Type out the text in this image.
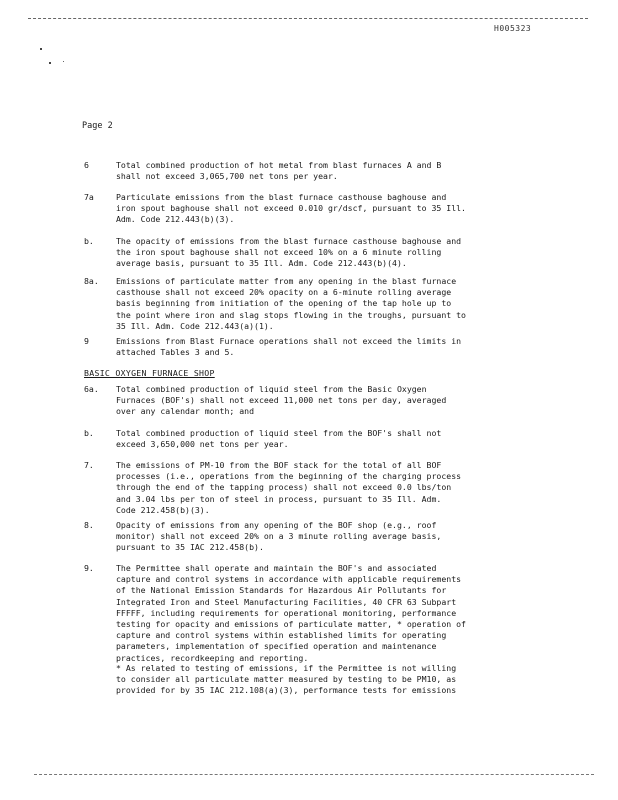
H005323
Page 2
6	Total combined production of hot metal from blast furnaces A and B
shall not exceed 3,065,700 net tons per year.
7a	Particulate emissions from the blast furnace casthouse baghouse and
iron spout baghouse shall not exceed 0.010 gr/dscf, pursuant to 35 Ill.
Adm. Code 212.443(b)(3).
b.	The opacity of emissions from the blast furnace casthouse baghouse and
the iron spout baghouse shall not exceed 10% on a 6 minute rolling
average basis, pursuant to 35 Ill. Adm. Code 212.443(b)(4).
8a.	Emissions of particulate matter from any opening in the blast furnace
casthouse shall not exceed 20% opacity on a 6-minute rolling average
basis beginning from initiation of the opening of the tap hole up to
the point where iron and slag stops flowing in the troughs, pursuant to
35 Ill. Adm. Code 212.443(a)(1).
9	Emissions from Blast Furnace operations shall not exceed the limits in
attached Tables 3 and 5.
BASIC OXYGEN FURNACE SHOP
6a.	Total combined production of liquid steel from the Basic Oxygen
Furnaces (BOF's) shall not exceed 11,000 net tons per day, averaged
over any calendar month; and
b.	Total combined production of liquid steel from the BOF's shall not
exceed 3,650,000 net tons per year.
7.	The emissions of PM-10 from the BOF stack for the total of all BOF
processes (i.e., operations from the beginning of the charging process
through the end of the tapping process) shall not exceed 0.0 lbs/ton
and 3.04 lbs per ton of steel in process, pursuant to 35 Ill. Adm.
Code 212.458(b)(3).
8.	Opacity of emissions from any opening of the BOF shop (e.g., roof
monitor) shall not exceed 20% on a 3 minute rolling average basis,
pursuant to 35 IAC 212.458(b).
9.	The Permittee shall operate and maintain the BOF's and associated
capture and control systems in accordance with applicable requirements
of the National Emission Standards for Hazardous Air Pollutants for
Integrated Iron and Steel Manufacturing Facilities, 40 CFR 63 Subpart
FFFFF, including requirements for operational monitoring, performance
testing for opacity and emissions of particulate matter, * operation of
capture and control systems within established limits for operating
parameters, implementation of specified operation and maintenance
practices, recordkeeping and reporting.
* As related to testing of emissions, if the Permittee is not willing
to consider all particulate matter measured by testing to be PM10, as
provided for by 35 IAC 212.108(a)(3), performance tests for emissions
